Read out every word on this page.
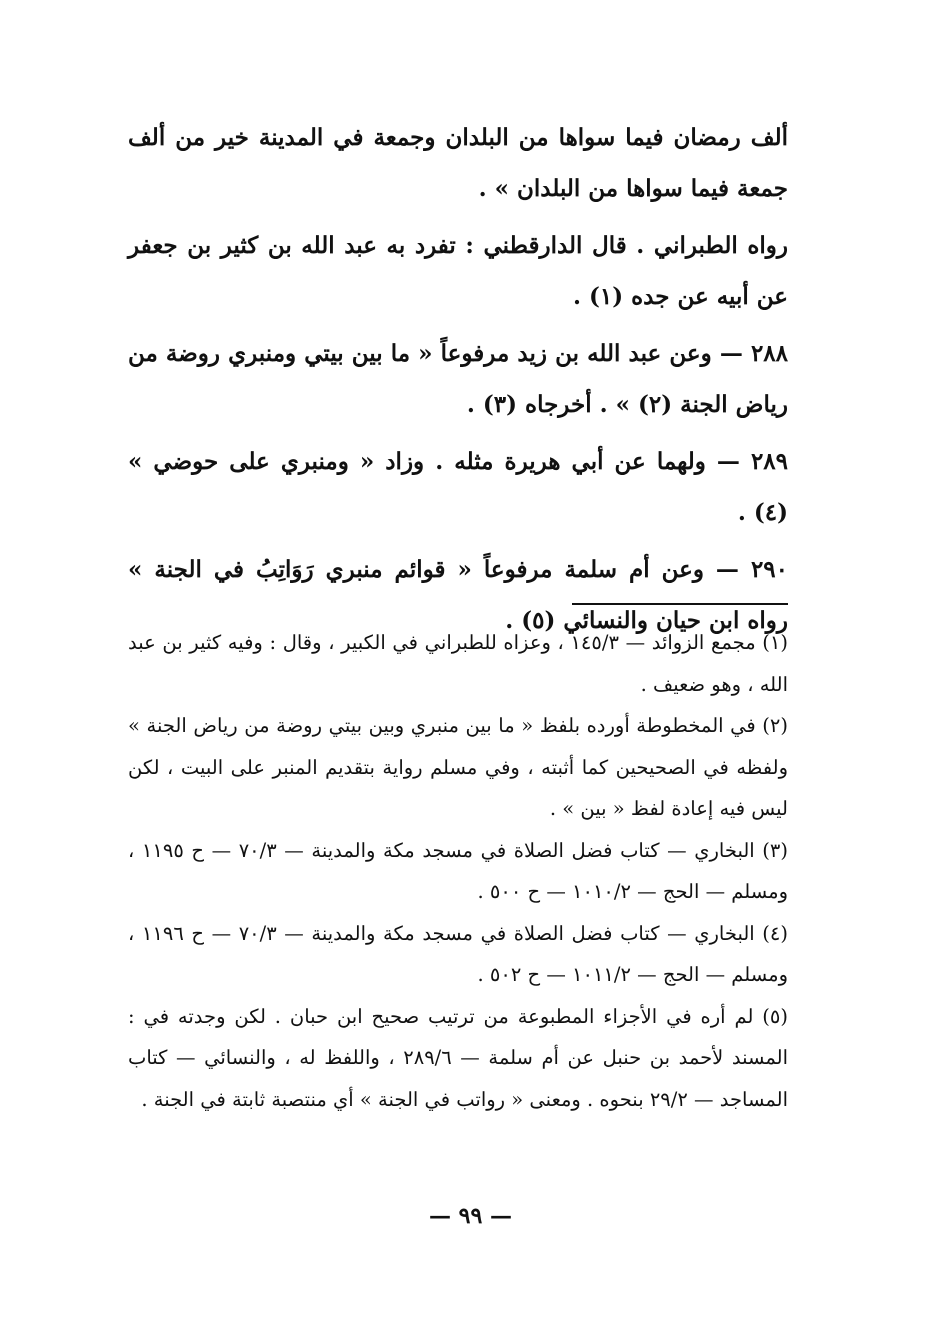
ألف رمضان فيما سواها من البلدان وجمعة في المدينة خير من ألف جمعة فيما سواها من البلدان » .

رواه الطبراني . قال الدارقطني : تفرد به عبد الله بن كثير بن جعفر عن أبيه عن جده (١) .

٢٨٨ — وعن عبد الله بن زيد مرفوعاً « ما بين بيتي ومنبري روضة من رياض الجنة (٢) » . أخرجاه (٣) .

٢٨٩ — ولهما عن أبي هريرة مثله . وزاد « ومنبري على حوضي » (٤) .

٢٩٠ — وعن أم سلمة مرفوعاً « قوائم منبري رَوَاتِبُ في الجنة » رواه ابن حيان والنسائي (٥) .

(١) مجمع الزوائد — ١٤٥/٣ ، وعزاه للطبراني في الكبير ، وقال : وفيه كثير بن عبد الله ، وهو ضعيف .

(٢) في المخطوطة أورده بلفظ « ما بين منبري وبين بيتي روضة من رياض الجنة » ولفظه في الصحيحين كما أثبته ، وفي مسلم رواية بتقديم المنبر على البيت ، لكن ليس فيه إعادة لفظ « بين » .

(٣) البخاري — كتاب فضل الصلاة في مسجد مكة والمدينة — ٧٠/٣ — ح ١١٩٥ ، ومسلم — الحج — ١٠١٠/٢ — ح ٥٠٠ .

(٤) البخاري — كتاب فضل الصلاة في مسجد مكة والمدينة — ٧٠/٣ — ح ١١٩٦ ، ومسلم — الحج — ١٠١١/٢ — ح ٥٠٢ .

(٥) لم أره في الأجزاء المطبوعة من ترتيب صحيح ابن حبان . لكن وجدته في : المسند لأحمد بن حنبل عن أم سلمة — ٢٨٩/٦ ، واللفظ له ، والنسائي — كتاب المساجد — ٢٩/٢ بنحوه . ومعنى « رواتب في الجنة » أي منتصبة ثابتة في الجنة .

— ٩٩ —
